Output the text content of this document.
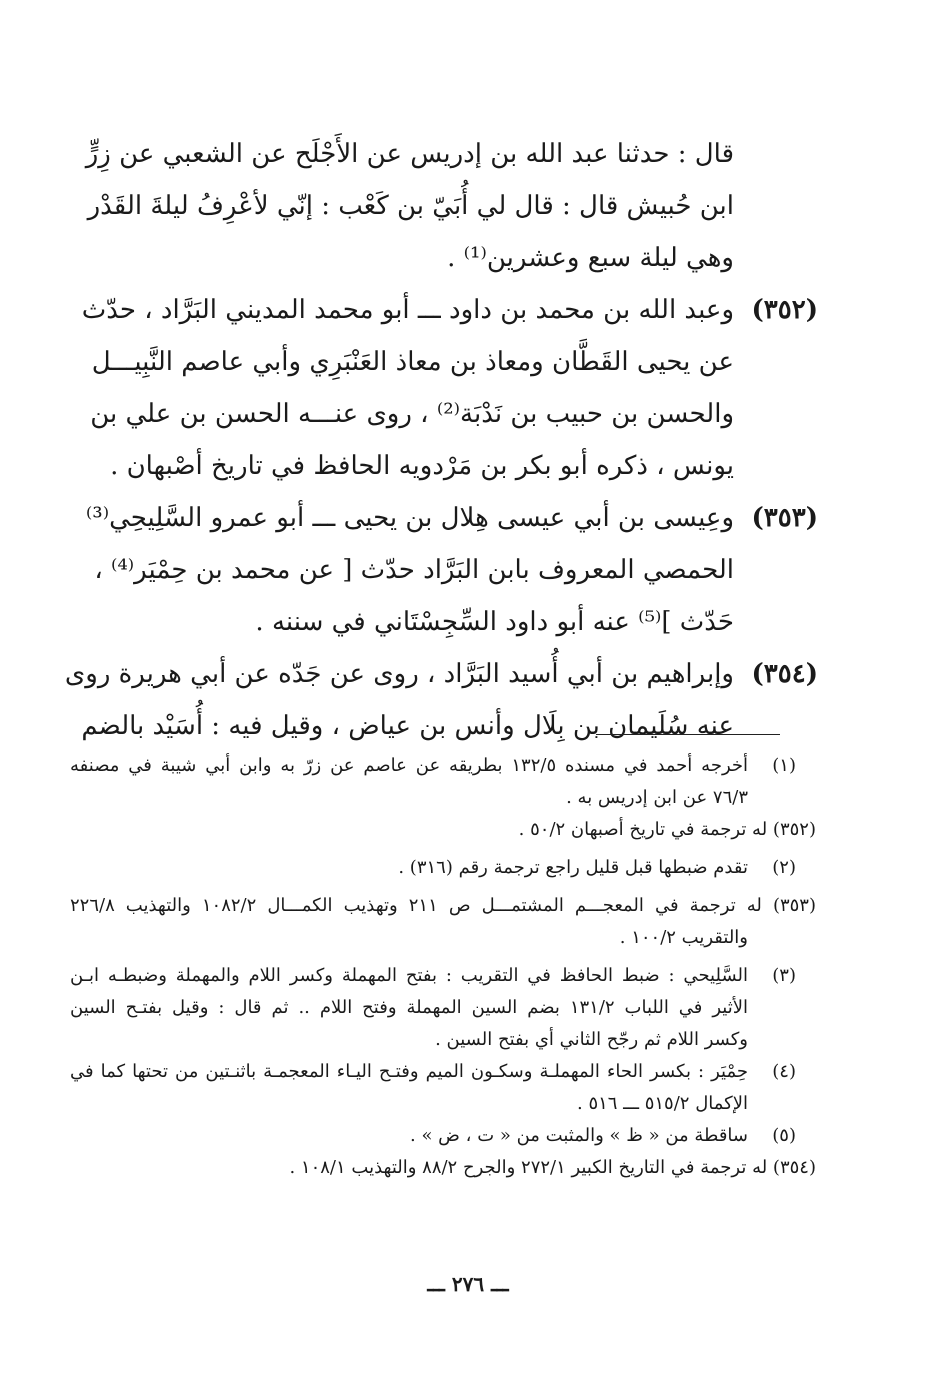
قال : حدثنا عبد الله بن إدريس عن الأَجْلَح عن الشعبي عن زِرٍّ
ابن حُبيش قال : قال لي أُبَيّ بن كَعْب : إنّي لأعْرِفُ ليلةَ القَدْر
وهي ليلة سبع وعشرين⁽¹⁾ .
(٣٥٢)
وعبد الله بن محمد بن داود ـــ أبو محمد المديني البَرَّاد ، حدّث
عن يحيى القَطَّان ومعاذ بن معاذ العَنْبَرِي وأبي عاصم النَّبِيـــل
والحسن بن حبيب بن نَدْبَة⁽²⁾ ، روى عنـــه الحسن بن علي بن
يونس ، ذكره أبو بكر بن مَرْدويه الحافظ في تاريخ أصْبهان .
(٣٥٣)
وعِيسى بن أبي عيسى هِلال بن يحيى ـــ أبو عمرو السَّلِيحِي⁽³⁾
الحمصي المعروف بابن البَرَّاد حدّث [ عن محمد بن حِمْيَر⁽⁴⁾ ،
حَدّث ]⁽⁵⁾ عنه أبو داود السِّجِسْتَاني في سننه .
(٣٥٤)
وإبراهيم بن أبي أُسيد البَرَّاد ، روى عن جَدّه عن أبي هريرة روى
عنه سُلَيمان بن بِلَال وأنس بن عياض ، وقيل فيه : أُسَيْد بالضم
(١)
أخرجه أحمد في مسنده ١٣٢/٥ بطريقه عن عاصم عن زرّ به وابن أبي شيبة في مصنفه
٧٦/٣ عن ابن إدريس به .
(٣٥٢) له ترجمة في تاريخ أصبهان ٥٠/٢ .
(٢)
تقدم ضبطها قبل قليل راجع ترجمة رقم (٣١٦) .
(٣٥٣) له ترجمة في المعجـــم المشتمـــل ص ٢١١ وتهذيب الكمـــال ١٠٨٢/٢ والتهذيب ٢٢٦/٨
والتقريب ١٠٠/٢ .
(٣)
السَّلِيحي : ضبط الحافظ في التقريب : بفتح المهملة وكسر اللام والمهملة وضبطـه ابـن
الأثير في اللباب ١٣١/٢ بضم السين المهملة وفتح اللام .. ثم قال : وقيل بفتـح السين
وكسر اللام ثم رجّح الثاني أي بفتح السين .
(٤)
حِمْيَر : بكسر الحاء المهملـة وسكـون الميم وفتـح اليـاء المعجمـة باثنـتين من تحتها كما في
الإكمال ٥١٥/٢ ـــ ٥١٦ .
(٥)
ساقطة من « ظ » والمثبت من « ت ، ض » .
(٣٥٤) له ترجمة في التاريخ الكبير ٢٧٢/١ والجرح ٨٨/٢ والتهذيب ١٠٨/١ .
ـــ ٢٧٦ ـــ
